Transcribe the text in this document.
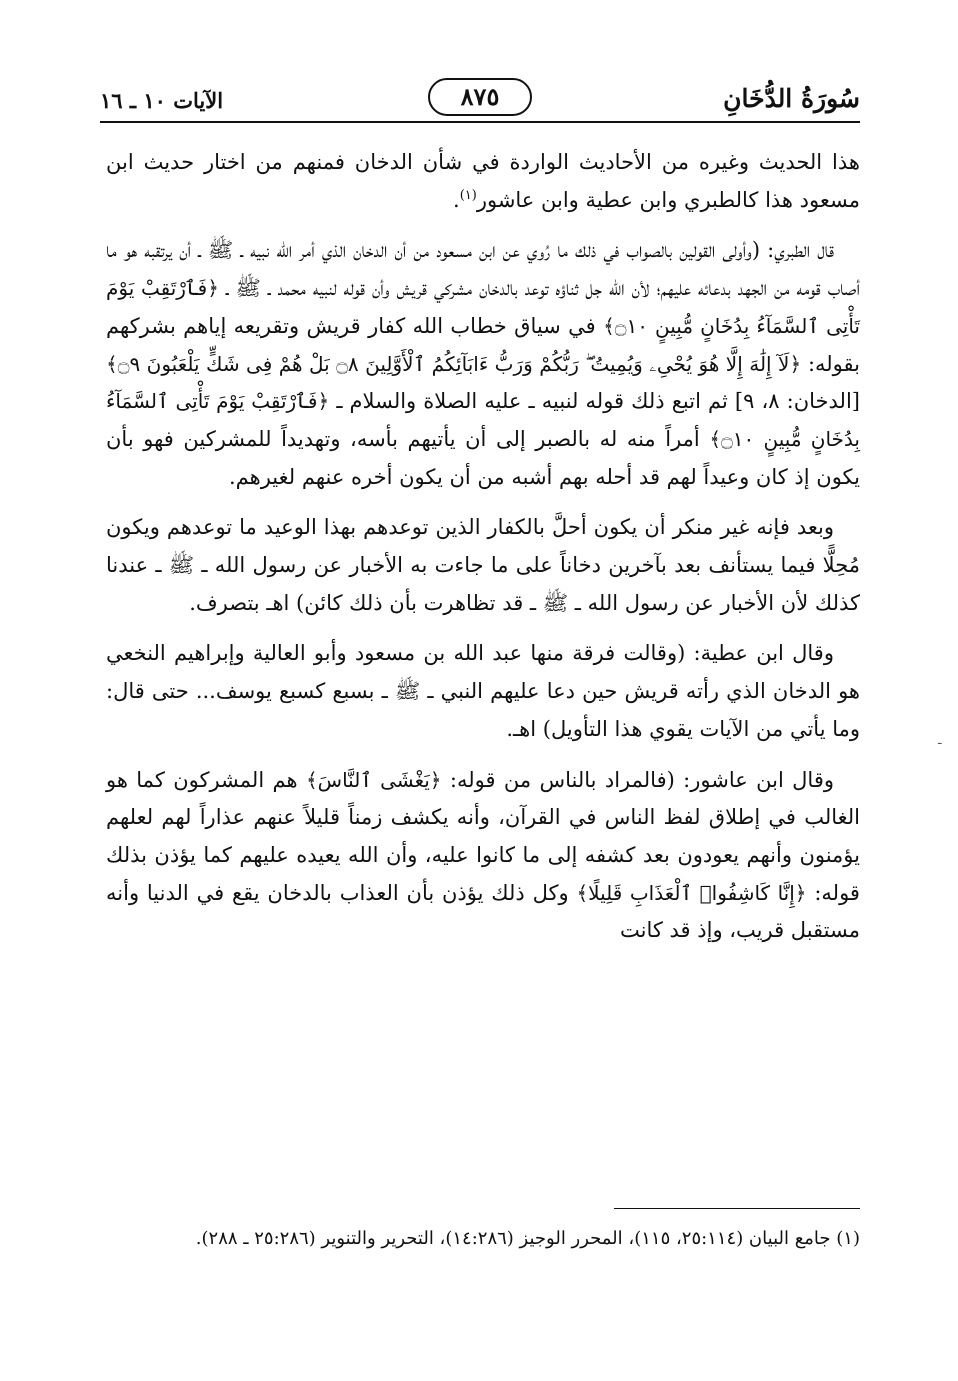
سُورَةُ الدُّخَانِ
٨٧٥
الآيات ١٠ ـ ١٦

هذا الحديث وغيره من الأحاديث الواردة في شأن الدخان فمنهم من اختار حديث ابن مسعود هذا كالطبري وابن عطية وابن عاشور$^{(١)}$.

قال الطبري: (وأولى القولين بالصواب في ذلك ما رُوي عن ابن مسعود من أن الدخان الذي أمر الله نبيه ـ ﷺ ـ أن يرتقبه هو ما أصاب قومه من الجهد بدعائه عليهم؛ لأن الله جل ثناؤه توعد بالدخان مشركي قريش وأن قوله لنبيه محمد ـ ﷺ ـ ﴿فَٱرْتَقِبْ يَوْمَ تَأْتِى ٱلسَّمَآءُ بِدُخَانٍ مُّبِينٍ ۝١٠﴾ في سياق خطاب الله كفار قريش وتقريعه إياهم بشركهم بقوله: ﴿لَآ إِلَٰهَ إِلَّا هُوَ يُحْىِۦ وَيُمِيتُ ۖ رَبُّكُمْ وَرَبُّ ءَابَآئِكُمُ ٱلْأَوَّلِينَ ۝٨ بَلْ هُمْ فِى شَكٍّ يَلْعَبُونَ ۝٩﴾ [الدخان: ٨، ٩] ثم اتبع ذلك قوله لنبيه ـ عليه الصلاة والسلام ـ ﴿فَٱرْتَقِبْ يَوْمَ تَأْتِى ٱلسَّمَآءُ بِدُخَانٍ مُّبِينٍ ۝١٠﴾ أمراً منه له بالصبر إلى أن يأتيهم بأسه، وتهديداً للمشركين فهو بأن يكون إذ كان وعيداً لهم قد أحله بهم أشبه من أن يكون أخره عنهم لغيرهم.

وبعد فإنه غير منكر أن يكون أحلَّ بالكفار الذين توعدهم بهذا الوعيد ما توعدهم ويكون مُحِلًّا فيما يستأنف بعد بآخرين دخاناً على ما جاءت به الأخبار عن رسول الله ـ ﷺ ـ عندنا كذلك لأن الأخبار عن رسول الله ـ ﷺ ـ قد تظاهرت بأن ذلك كائن) اهـ بتصرف.

وقال ابن عطية: (وقالت فرقة منها عبد الله بن مسعود وأبو العالية وإبراهيم النخعي هو الدخان الذي رأته قريش حين دعا عليهم النبي ـ ﷺ ـ بسبع كسبع يوسف... حتى قال: وما يأتي من الآيات يقوي هذا التأويل) اهـ.

وقال ابن عاشور: (فالمراد بالناس من قوله: ﴿يَغْشَى ٱلنَّاسَ﴾ هم المشركون كما هو الغالب في إطلاق لفظ الناس في القرآن، وأنه يكشف زمناً قليلاً عنهم عذاراً لهم لعلهم يؤمنون وأنهم يعودون بعد كشفه إلى ما كانوا عليه، وأن الله يعيده عليهم كما يؤذن بذلك قوله: ﴿إِنَّا كَاشِفُوا۟ ٱلْعَذَابِ قَلِيلًا﴾ وكل ذلك يؤذن بأن العذاب بالدخان يقع في الدنيا وأنه مستقبل قريب، وإذ قد كانت

(١) جامع البيان (٢٥:١١٤، ١١٥)، المحرر الوجيز (١٤:٢٨٦)، التحرير والتنوير (٢٥:٢٨٦ ـ ٢٨٨).

ـ
